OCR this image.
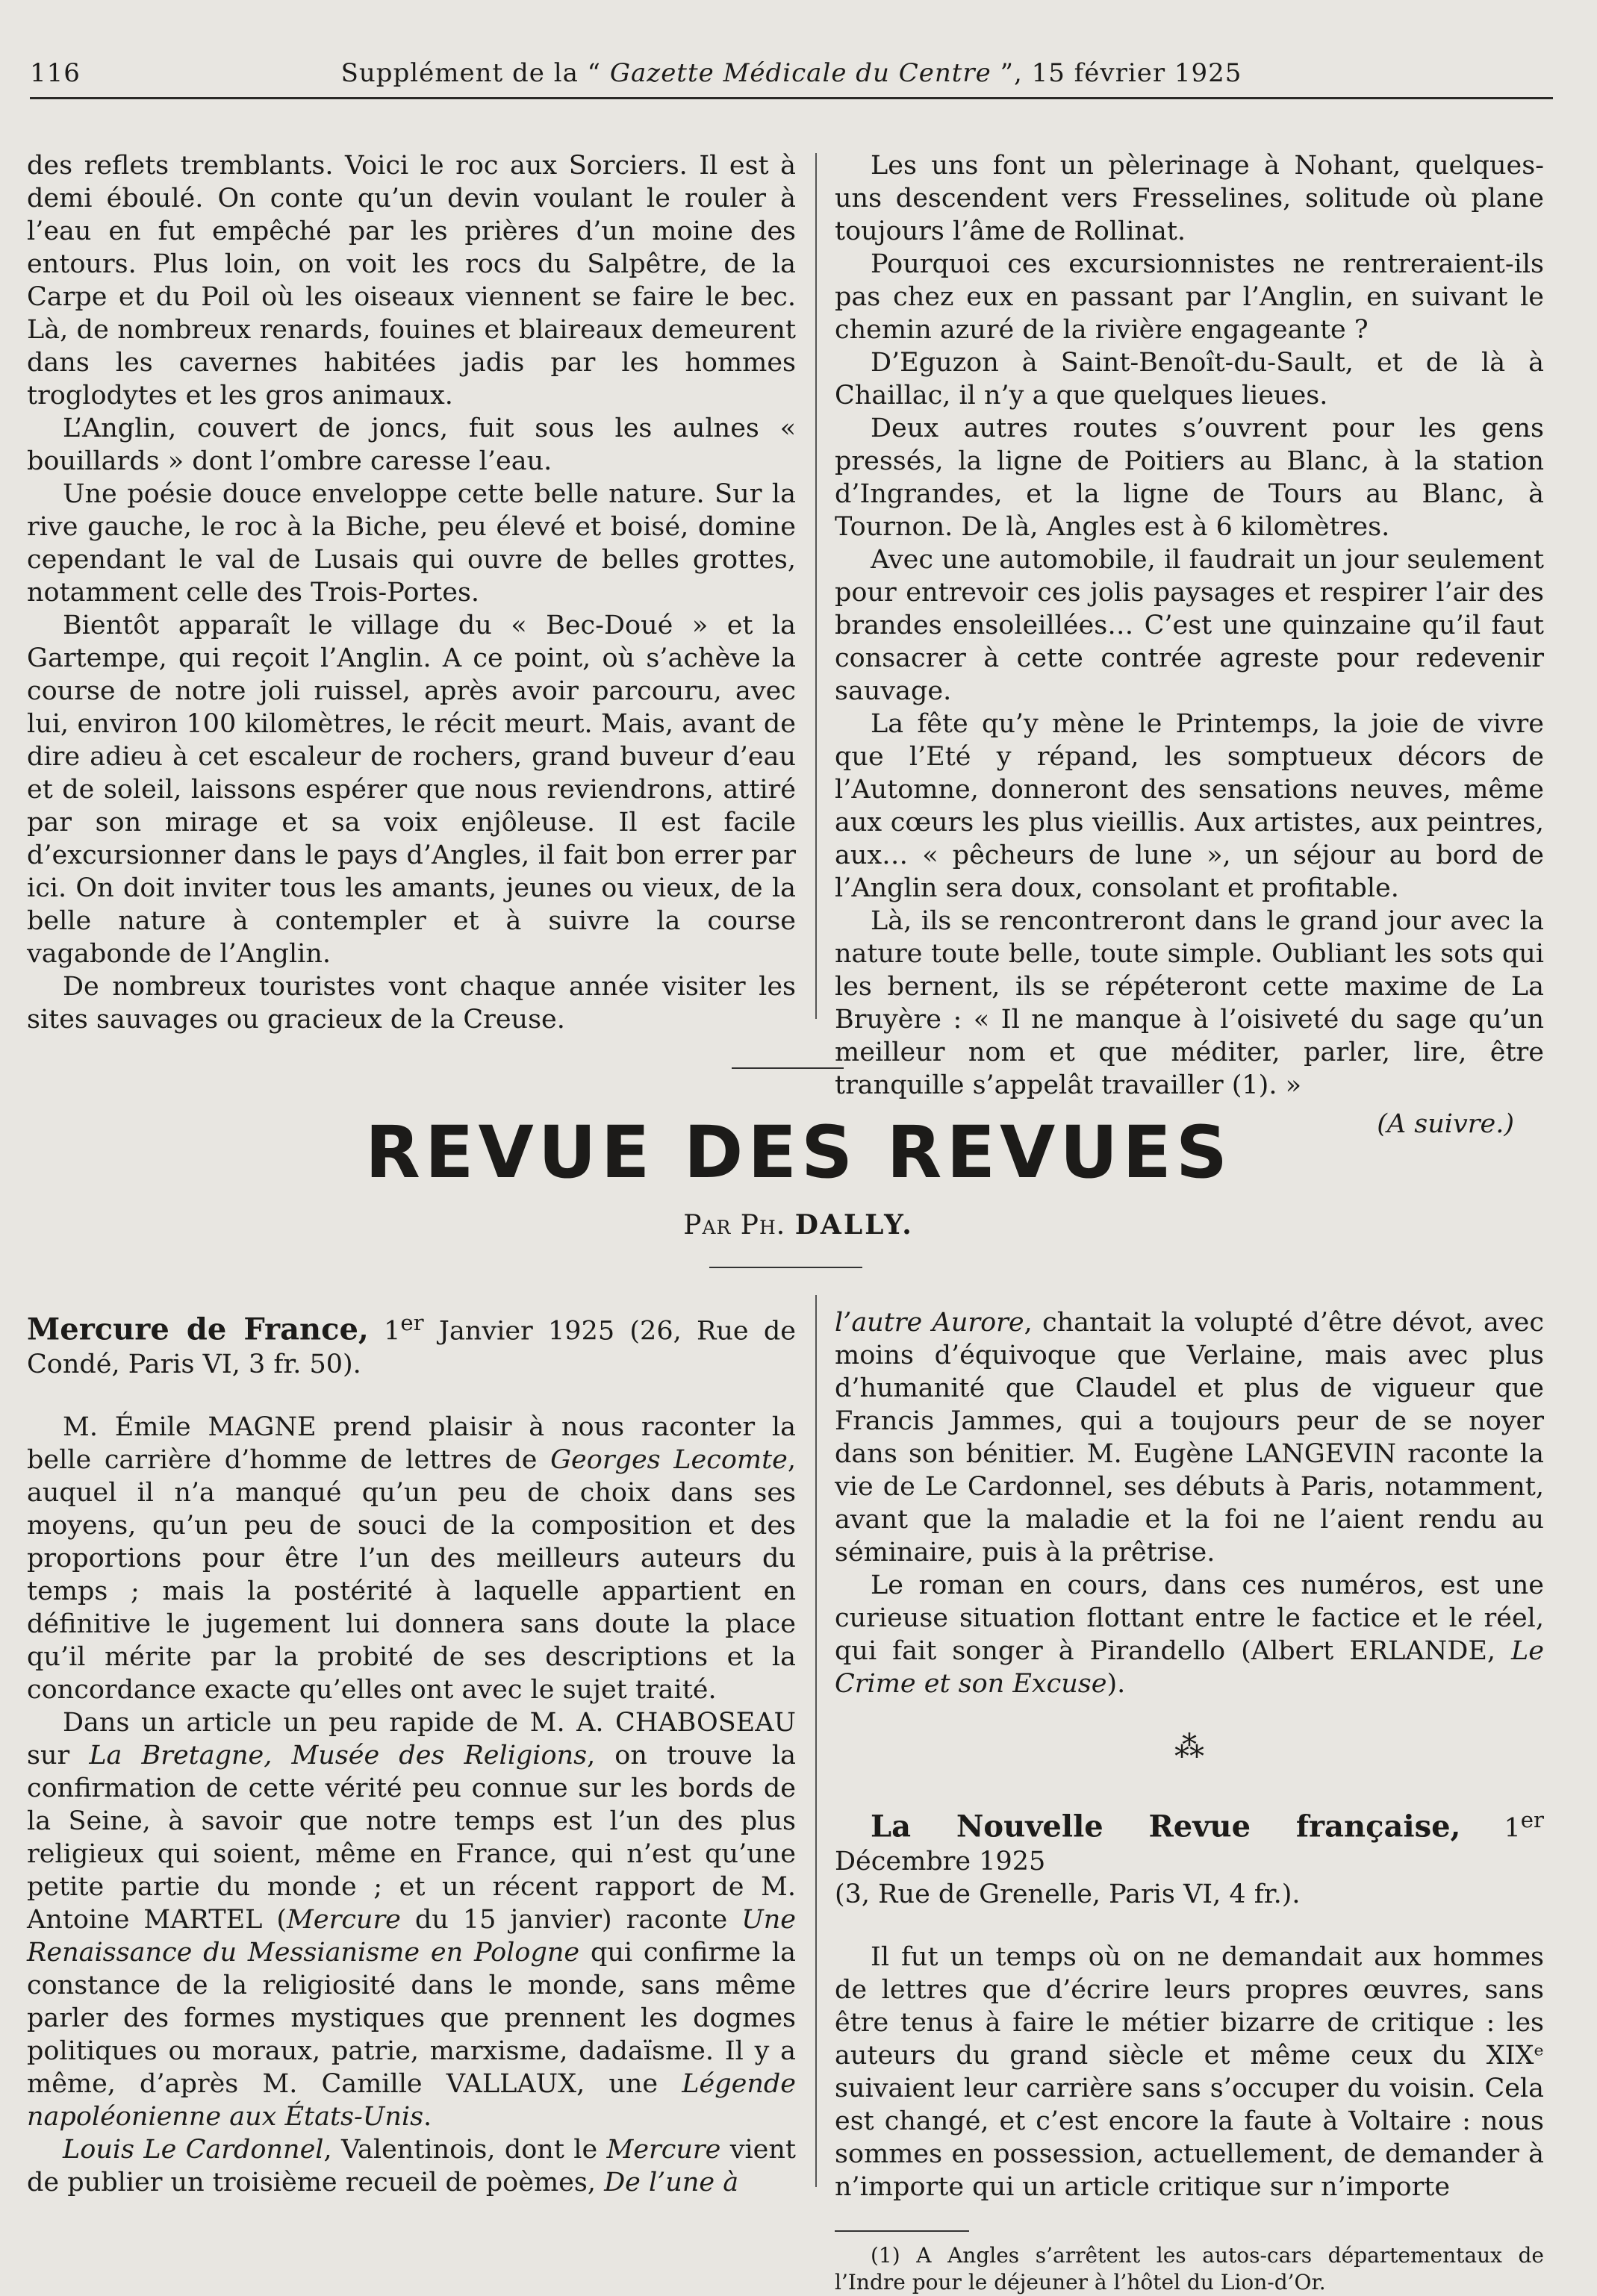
116	Supplément de la “ Gazette Médicale du Centre ”, 15 février 1925

des reflets tremblants. Voici le roc aux Sorciers. Il est à demi éboulé. On conte qu’un devin voulant le rouler à l’eau en fut empêché par les prières d’un moine des entours. Plus loin, on voit les rocs du Salpêtre, de la Carpe et du Poil où les oiseaux viennent se faire le bec. Là, de nombreux renards, fouines et blaireaux demeurent dans les cavernes habitées jadis par les hommes troglodytes et les gros animaux.

L’Anglin, couvert de joncs, fuit sous les aulnes « bouillards » dont l’ombre caresse l’eau.

Une poésie douce enveloppe cette belle nature. Sur la rive gauche, le roc à la Biche, peu élevé et boisé, domine cependant le val de Lusais qui ouvre de belles grottes, notamment celle des Trois-Portes.

Bientôt apparaît le village du « Bec-Doué » et la Gartempe, qui reçoit l’Anglin. A ce point, où s’achève la course de notre joli ruissel, après avoir parcouru, avec lui, environ 100 kilomètres, le récit meurt. Mais, avant de dire adieu à cet escaleur de rochers, grand buveur d’eau et de soleil, laissons espérer que nous reviendrons, attiré par son mirage et sa voix enjôleuse. Il est facile d’excursionner dans le pays d’Angles, il fait bon errer par ici. On doit inviter tous les amants, jeunes ou vieux, de la belle nature à contempler et à suivre la course vagabonde de l’Anglin.

De nombreux touristes vont chaque année visiter les sites sauvages ou gracieux de la Creuse.

Les uns font un pèlerinage à Nohant, quelques-uns descendent vers Fresselines, solitude où plane toujours l’âme de Rollinat.

Pourquoi ces excursionnistes ne rentreraient-ils pas chez eux en passant par l’Anglin, en suivant le chemin azuré de la rivière engageante ?

D’Eguzon à Saint-Benoît-du-Sault, et de là à Chaillac, il n’y a que quelques lieues.

Deux autres routes s’ouvrent pour les gens pressés, la ligne de Poitiers au Blanc, à la station d’Ingrandes, et la ligne de Tours au Blanc, à Tournon. De là, Angles est à 6 kilomètres.

Avec une automobile, il faudrait un jour seulement pour entrevoir ces jolis paysages et respirer l’air des brandes ensoleillées… C’est une quinzaine qu’il faut consacrer à cette contrée agreste pour redevenir sauvage.

La fête qu’y mène le Printemps, la joie de vivre que l’Eté y répand, les somptueux décors de l’Automne, donneront des sensations neuves, même aux cœurs les plus vieillis. Aux artistes, aux peintres, aux… « pêcheurs de lune », un séjour au bord de l’Anglin sera doux, consolant et profitable.

Là, ils se rencontreront dans le grand jour avec la nature toute belle, toute simple. Oubliant les sots qui les bernent, ils se répéteront cette maxime de La Bruyère : « Il ne manque à l’oisiveté du sage qu’un meilleur nom et que méditer, parler, lire, être tranquille s’appelât travailler (1). »

(A suivre.)
REVUE DES REVUES
Par Ph. DALLY.

Mercure de France, 1er Janvier 1925 (26, Rue de Condé, Paris VI, 3 fr. 50).

M. Émile MAGNE prend plaisir à nous raconter la belle carrière d’homme de lettres de Georges Lecomte, auquel il n’a manqué qu’un peu de choix dans ses moyens, qu’un peu de souci de la composition et des proportions pour être l’un des meilleurs auteurs du temps ; mais la postérité à laquelle appartient en définitive le jugement lui donnera sans doute la place qu’il mérite par la probité de ses descriptions et la concordance exacte qu’elles ont avec le sujet traité.

Dans un article un peu rapide de M. A. CHABOSEAU sur La Bretagne, Musée des Religions, on trouve la confirmation de cette vérité peu connue sur les bords de la Seine, à savoir que notre temps est l’un des plus religieux qui soient, même en France, qui n’est qu’une petite partie du monde ; et un récent rapport de M. Antoine MARTEL (Mercure du 15 janvier) raconte Une Renaissance du Messianisme en Pologne qui confirme la constance de la religiosité dans le monde, sans même parler des formes mystiques que prennent les dogmes politiques ou moraux, patrie, marxisme, dadaïsme. Il y a même, d’après M. Camille VALLAUX, une Légende napoléonienne aux États-Unis.

Louis Le Cardonnel, Valentinois, dont le Mercure vient de publier un troisième recueil de poèmes, De l’une à

l’autre Aurore, chantait la volupté d’être dévot, avec moins d’équivoque que Verlaine, mais avec plus d’humanité que Claudel et plus de vigueur que Francis Jammes, qui a toujours peur de se noyer dans son bénitier. M. Eugène LANGEVIN raconte la vie de Le Cardonnel, ses débuts à Paris, notamment, avant que la maladie et la foi ne l’aient rendu au séminaire, puis à la prêtrise.

Le roman en cours, dans ces numéros, est une curieuse situation flottant entre le factice et le réel, qui fait songer à Pirandello (Albert ERLANDE, Le Crime et son Excuse).

⁂

La Nouvelle Revue française, 1er Décembre 1925

(3, Rue de Grenelle, Paris VI, 4 fr.).

Il fut un temps où on ne demandait aux hommes de lettres que d’écrire leurs propres œuvres, sans être tenus à faire le métier bizarre de critique : les auteurs du grand siècle et même ceux du XIXᵉ suivaient leur carrière sans s’occuper du voisin. Cela est changé, et c’est encore la faute à Voltaire : nous sommes en possession, actuellement, de demander à n’importe qui un article critique sur n’importe

(1) A Angles s’arrêtent les autos-cars départementaux de l’Indre pour le déjeuner à l’hôtel du Lion-d’Or.
